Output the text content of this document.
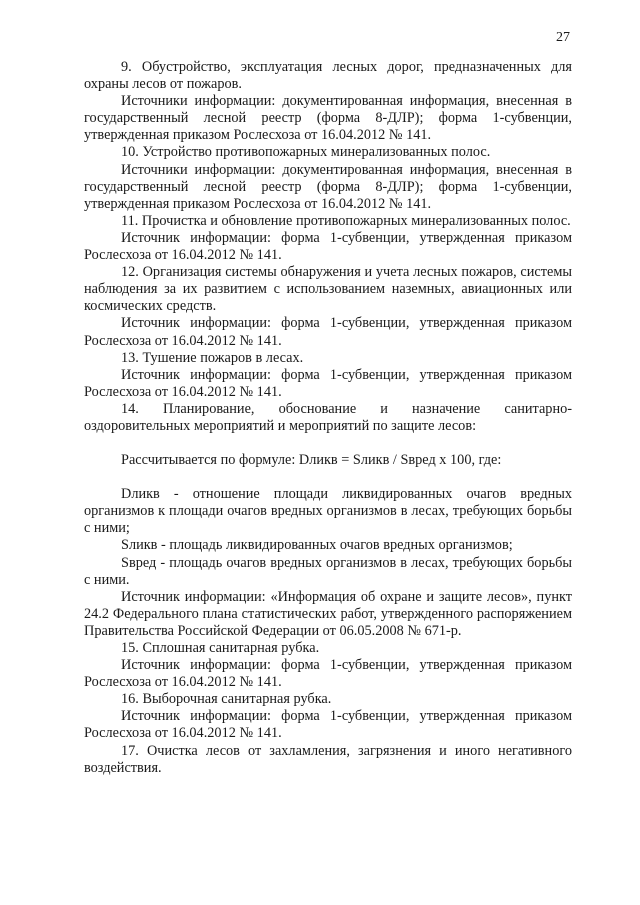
27

9. Обустройство, эксплуатация лесных дорог, предназначенных для охраны лесов от пожаров.

Источники информации: документированная информация, внесенная в государственный лесной реестр (форма 8-ДЛР); форма 1-субвенции, утвержденная приказом Рослесхоза от 16.04.2012 № 141.

10. Устройство противопожарных минерализованных полос.

Источники информации: документированная информация, внесенная в государственный лесной реестр (форма 8-ДЛР); форма 1-субвенции, утвержденная приказом Рослесхоза от 16.04.2012 № 141.

11. Прочистка и обновление противопожарных минерализованных полос.

Источник информации: форма 1-субвенции, утвержденная приказом Рослесхоза от 16.04.2012 № 141.

12. Организация системы обнаружения и учета лесных пожаров, системы наблюдения за их развитием с использованием наземных, авиационных или космических средств.

Источник информации: форма 1-субвенции, утвержденная приказом Рослесхоза от 16.04.2012 № 141.

13. Тушение пожаров в лесах.

Источник информации: форма 1-субвенции, утвержденная приказом Рослесхоза от 16.04.2012 № 141.

14. Планирование, обоснование и назначение санитарно-оздоровительных мероприятий и мероприятий по защите лесов:

Рассчитывается по формуле: Dликв = Sликв / Sвред х 100, где:

Dликв - отношение площади ликвидированных очагов вредных организмов к площади очагов вредных организмов в лесах, требующих борьбы с ними;

Sликв - площадь ликвидированных очагов вредных организмов;

Sвред - площадь очагов вредных организмов в лесах, требующих борьбы с ними.

Источник информации: «Информация об охране и защите лесов», пункт 24.2 Федерального плана статистических работ, утвержденного распоряжением Правительства Российской Федерации от 06.05.2008 № 671-р.

15. Сплошная санитарная рубка.

Источник информации: форма 1-субвенции, утвержденная приказом Рослесхоза от 16.04.2012 № 141.

16. Выборочная санитарная рубка.

Источник информации: форма 1-субвенции, утвержденная приказом Рослесхоза от 16.04.2012 № 141.

17. Очистка лесов от захламления, загрязнения и иного негативного воздействия.
